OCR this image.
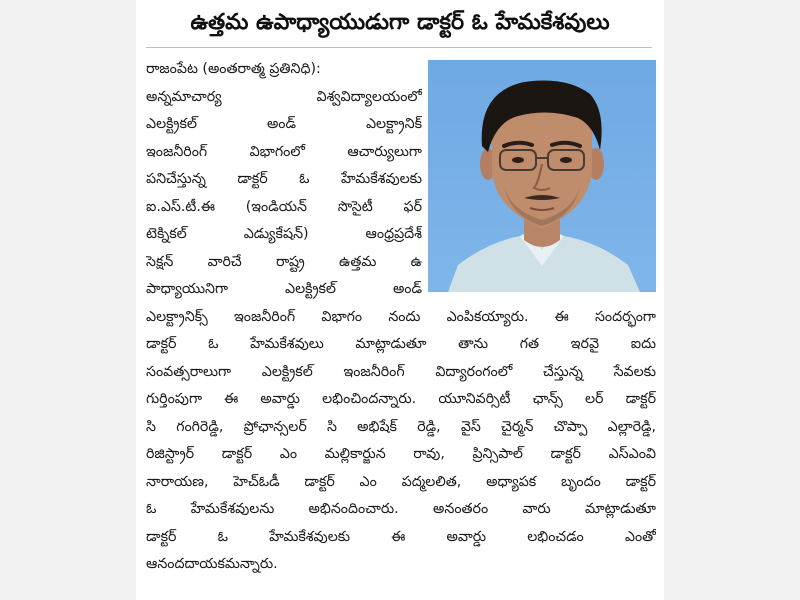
ఉత్తమ ఉపాధ్యాయుడుగా డాక్టర్ ఓ హేమకేశవులు
రాజంపేట (అంతరాత్మ ప్రతినిధి):
అన్నమాచార్య విశ్వవిద్యాలయంలో
ఎలక్ట్రికల్ అండ్ ఎలక్ట్రానిక్
ఇంజనీరింగ్ విభాగంలో ఆచార్యులుగా
పనిచేస్తున్న డాక్టర్ ఓ హేమకేశవులకు
ఐ.ఎస్.టీ.ఈ (ఇండియన్ సొసైటీ ఫర్
టెక్నికల్ ఎడ్యుకేషన్) ఆంధ్రప్రదేశ్
సెక్షన్ వారిచే రాష్ట్ర ఉత్తమ ఉ
పాధ్యాయునిగా ఎలక్ట్రికల్ అండ్
ఎలక్ట్రానిక్స్ ఇంజనీరింగ్ విభాగం నందు ఎంపికయ్యారు. ఈ సందర్భంగా
డాక్టర్ ఓ హేమకేశవులు మాట్లాడుతూ తాను గత ఇరవై ఐదు
సంవత్సరాలుగా ఎలక్ట్రికల్ ఇంజనీరింగ్ విద్యారంగంలో చేస్తున్న సేవలకు
గుర్తింపుగా ఈ అవార్డు లభించిందన్నారు. యూనివర్సిటీ ఛాన్స్ లర్ డాక్టర్
సి గంగిరెడ్డి, ప్రోఛాన్సలర్ సి అభిషేక్ రెడ్డి, వైస్ చైర్మన్ చొప్పా ఎల్లారెడ్డి,
రిజిస్ట్రార్ డాక్టర్ ఎం మల్లికార్జున రావు, ప్రిన్సిపాల్ డాక్టర్ ఎస్ఎంవి
నారాయణ, హెచ్ఓడీ డాక్టర్ ఎం పద్మలలిత, అధ్యాపక బృందం డాక్టర్
ఓ హేమకేశవులను అభినందించారు. అనంతరం వారు మాట్లాడుతూ
డాక్టర్ ఓ హేమకేశవులకు ఈ అవార్డు లభించడం ఎంతో
ఆనందదాయకమన్నారు.
